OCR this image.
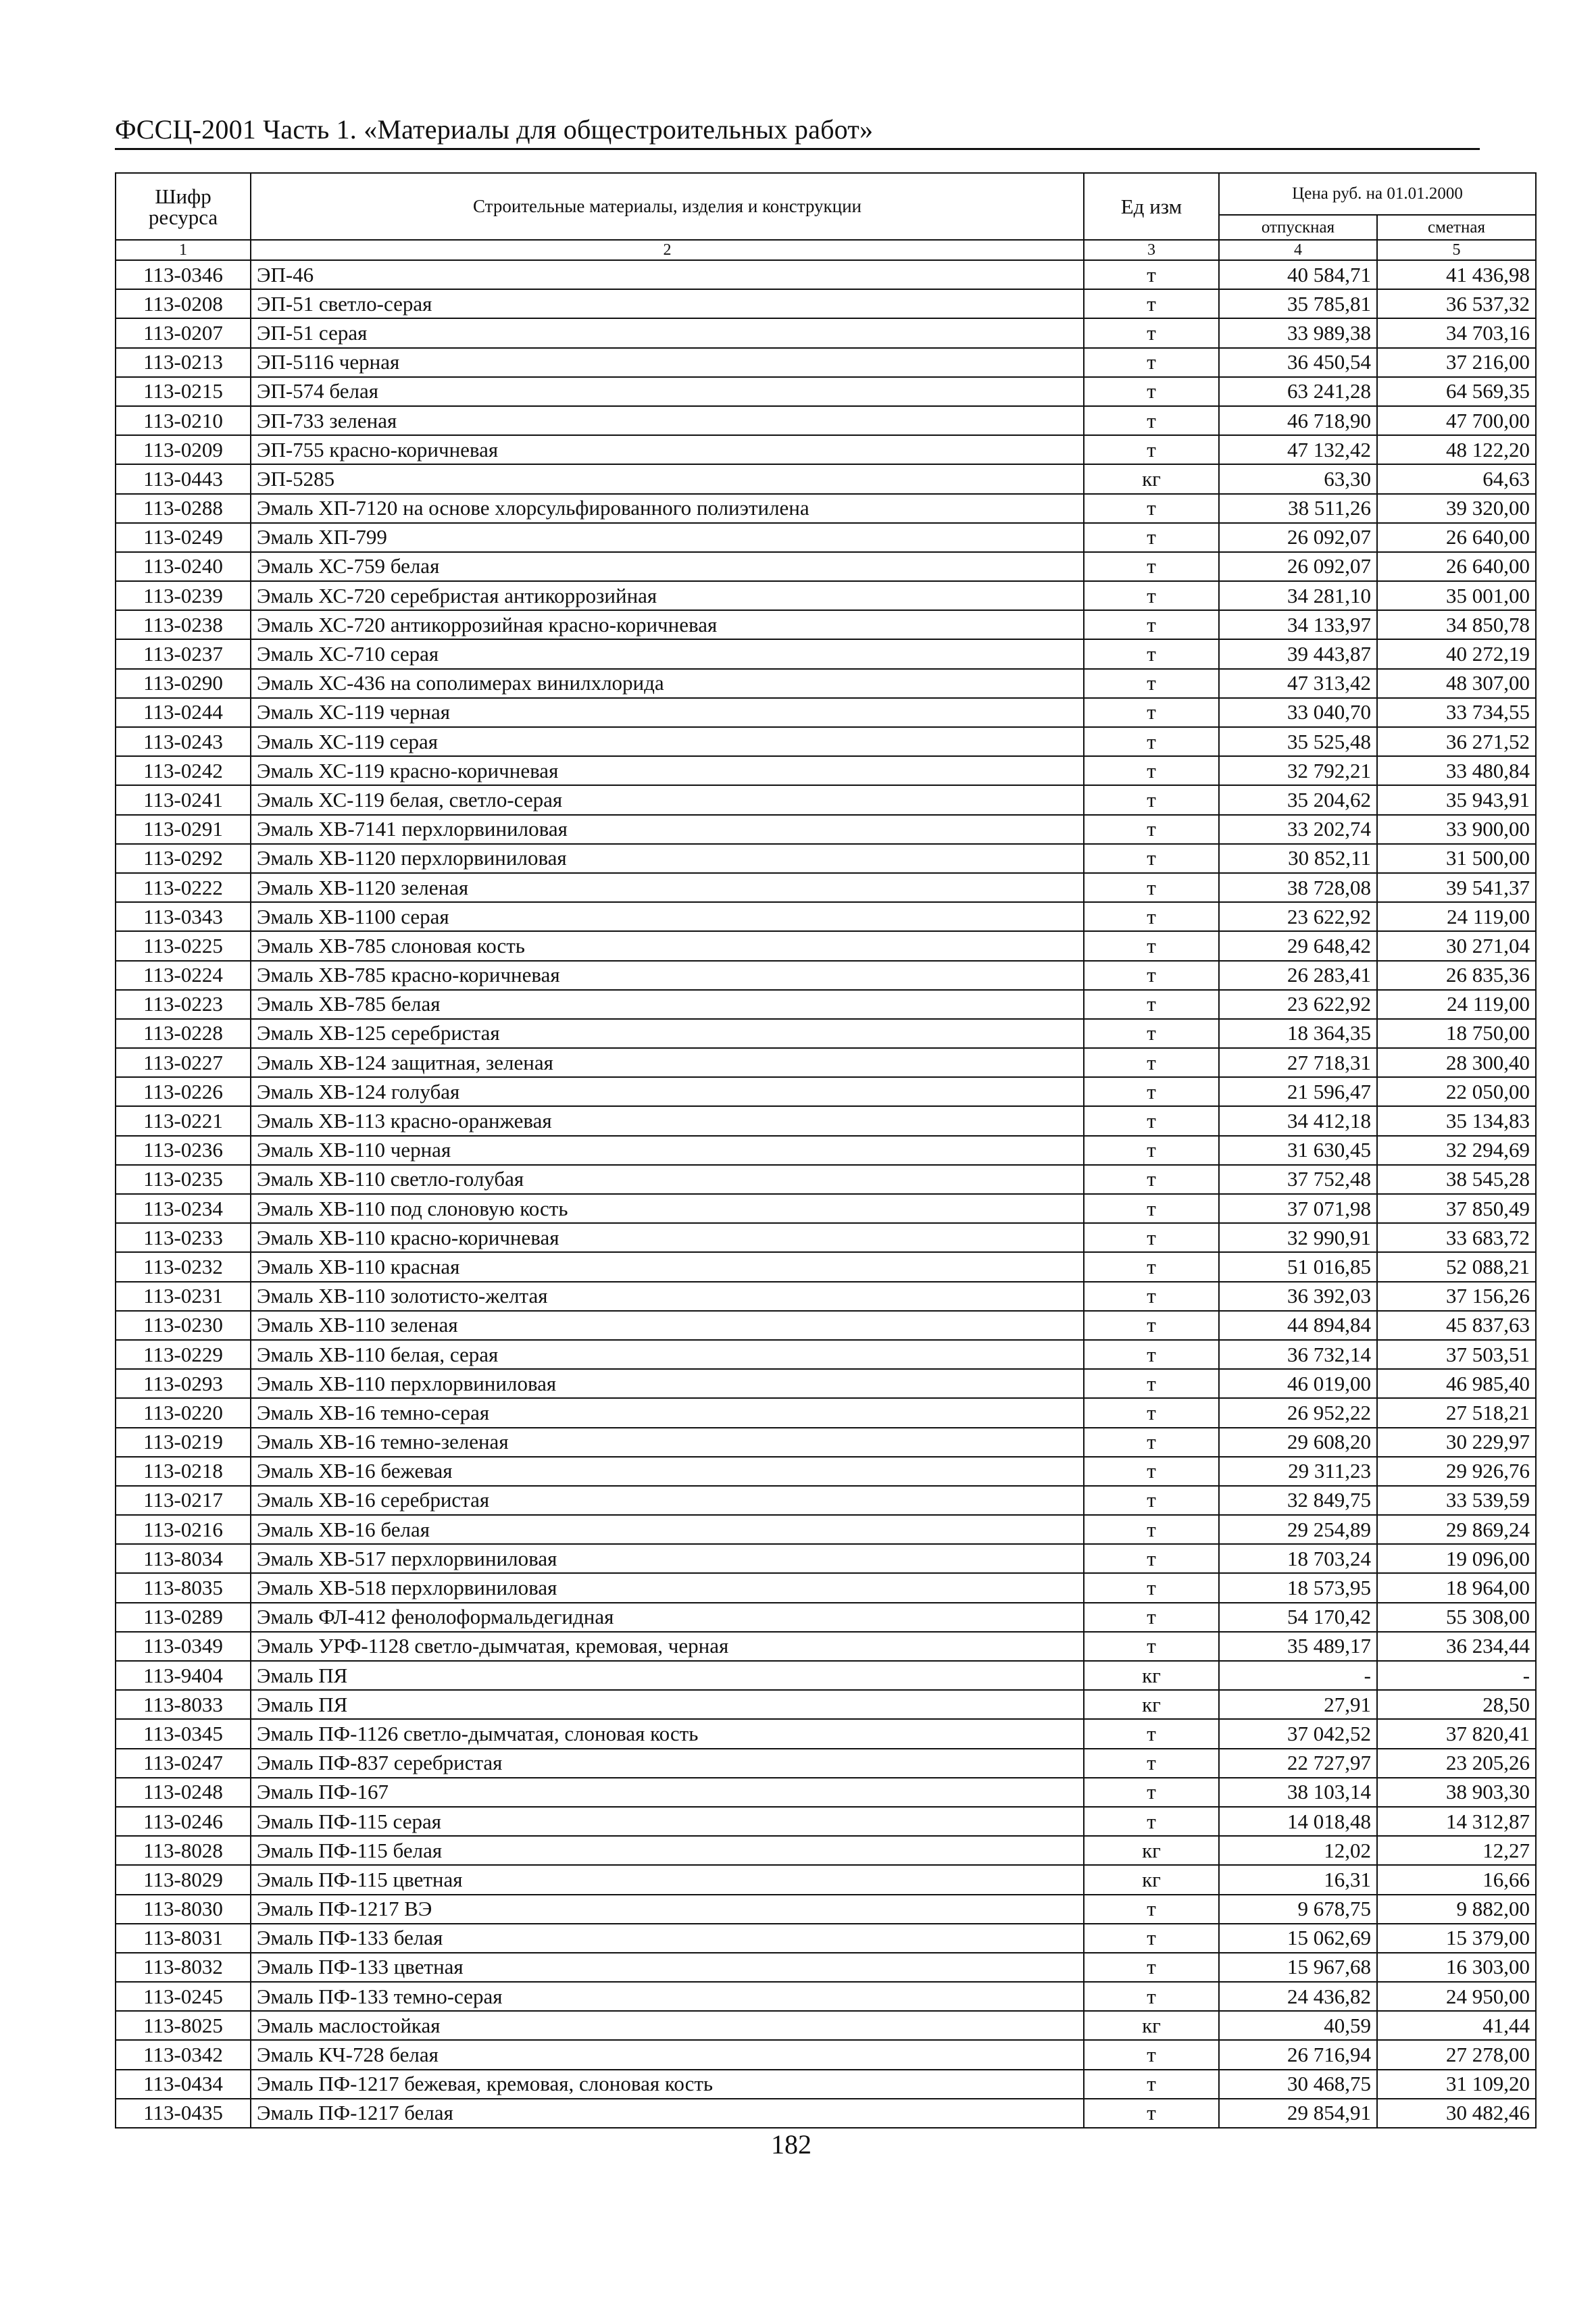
ФССЦ-2001 Часть 1. «Материалы для общестроительных работ»
Шифр ресурса	Строительные материалы, изделия и конструкции	Ед изм	Цена руб. на 01.01.2000	
			отпускная	сметная
1	2	3	4	5
113-0346	ЭП-46	т	40 584,71	41 436,98
113-0208	ЭП-51 светло-серая	т	35 785,81	36 537,32
113-0207	ЭП-51 серая	т	33 989,38	34 703,16
113-0213	ЭП-5116 черная	т	36 450,54	37 216,00
113-0215	ЭП-574 белая	т	63 241,28	64 569,35
113-0210	ЭП-733 зеленая	т	46 718,90	47 700,00
113-0209	ЭП-755 красно-коричневая	т	47 132,42	48 122,20
113-0443	ЭП-5285	кг	63,30	64,63
113-0288	Эмаль ХП-7120 на основе хлорсульфированного полиэтилена	т	38 511,26	39 320,00
113-0249	Эмаль ХП-799	т	26 092,07	26 640,00
113-0240	Эмаль ХС-759 белая	т	26 092,07	26 640,00
113-0239	Эмаль ХС-720 серебристая антикоррозийная	т	34 281,10	35 001,00
113-0238	Эмаль ХС-720 антикоррозийная красно-коричневая	т	34 133,97	34 850,78
113-0237	Эмаль ХС-710 серая	т	39 443,87	40 272,19
113-0290	Эмаль ХС-436 на сополимерах винилхлорида	т	47 313,42	48 307,00
113-0244	Эмаль ХС-119 черная	т	33 040,70	33 734,55
113-0243	Эмаль ХС-119 серая	т	35 525,48	36 271,52
113-0242	Эмаль ХС-119 красно-коричневая	т	32 792,21	33 480,84
113-0241	Эмаль ХС-119 белая, светло-серая	т	35 204,62	35 943,91
113-0291	Эмаль ХВ-7141 перхлорвиниловая	т	33 202,74	33 900,00
113-0292	Эмаль ХВ-1120 перхлорвиниловая	т	30 852,11	31 500,00
113-0222	Эмаль ХВ-1120 зеленая	т	38 728,08	39 541,37
113-0343	Эмаль ХВ-1100 серая	т	23 622,92	24 119,00
113-0225	Эмаль ХВ-785 слоновая кость	т	29 648,42	30 271,04
113-0224	Эмаль ХВ-785 красно-коричневая	т	26 283,41	26 835,36
113-0223	Эмаль ХВ-785 белая	т	23 622,92	24 119,00
113-0228	Эмаль ХВ-125 серебристая	т	18 364,35	18 750,00
113-0227	Эмаль ХВ-124 защитная, зеленая	т	27 718,31	28 300,40
113-0226	Эмаль ХВ-124 голубая	т	21 596,47	22 050,00
113-0221	Эмаль ХВ-113 красно-оранжевая	т	34 412,18	35 134,83
113-0236	Эмаль ХВ-110 черная	т	31 630,45	32 294,69
113-0235	Эмаль ХВ-110 светло-голубая	т	37 752,48	38 545,28
113-0234	Эмаль ХВ-110 под слоновую кость	т	37 071,98	37 850,49
113-0233	Эмаль ХВ-110 красно-коричневая	т	32 990,91	33 683,72
113-0232	Эмаль ХВ-110 красная	т	51 016,85	52 088,21
113-0231	Эмаль ХВ-110 золотисто-желтая	т	36 392,03	37 156,26
113-0230	Эмаль ХВ-110 зеленая	т	44 894,84	45 837,63
113-0229	Эмаль ХВ-110 белая, серая	т	36 732,14	37 503,51
113-0293	Эмаль ХВ-110 перхлорвиниловая	т	46 019,00	46 985,40
113-0220	Эмаль ХВ-16 темно-серая	т	26 952,22	27 518,21
113-0219	Эмаль ХВ-16 темно-зеленая	т	29 608,20	30 229,97
113-0218	Эмаль ХВ-16 бежевая	т	29 311,23	29 926,76
113-0217	Эмаль ХВ-16 серебристая	т	32 849,75	33 539,59
113-0216	Эмаль ХВ-16 белая	т	29 254,89	29 869,24
113-8034	Эмаль ХВ-517 перхлорвиниловая	т	18 703,24	19 096,00
113-8035	Эмаль ХВ-518 перхлорвиниловая	т	18 573,95	18 964,00
113-0289	Эмаль ФЛ-412 фенолоформальдегидная	т	54 170,42	55 308,00
113-0349	Эмаль УРФ-1128 светло-дымчатая, кремовая, черная	т	35 489,17	36 234,44
113-9404	Эмаль ПЯ	кг	-	-
113-8033	Эмаль ПЯ	кг	27,91	28,50
113-0345	Эмаль ПФ-1126 светло-дымчатая, слоновая кость	т	37 042,52	37 820,41
113-0247	Эмаль ПФ-837 серебристая	т	22 727,97	23 205,26
113-0248	Эмаль ПФ-167	т	38 103,14	38 903,30
113-0246	Эмаль ПФ-115 серая	т	14 018,48	14 312,87
113-8028	Эмаль ПФ-115 белая	кг	12,02	12,27
113-8029	Эмаль ПФ-115 цветная	кг	16,31	16,66
113-8030	Эмаль ПФ-1217 ВЭ	т	9 678,75	9 882,00
113-8031	Эмаль ПФ-133 белая	т	15 062,69	15 379,00
113-8032	Эмаль ПФ-133 цветная	т	15 967,68	16 303,00
113-0245	Эмаль ПФ-133 темно-серая	т	24 436,82	24 950,00
113-8025	Эмаль маслостойкая	кг	40,59	41,44
113-0342	Эмаль КЧ-728 белая	т	26 716,94	27 278,00
113-0434	Эмаль ПФ-1217 бежевая, кремовая, слоновая кость	т	30 468,75	31 109,20
113-0435	Эмаль ПФ-1217 белая	т	29 854,91	30 482,46
182
